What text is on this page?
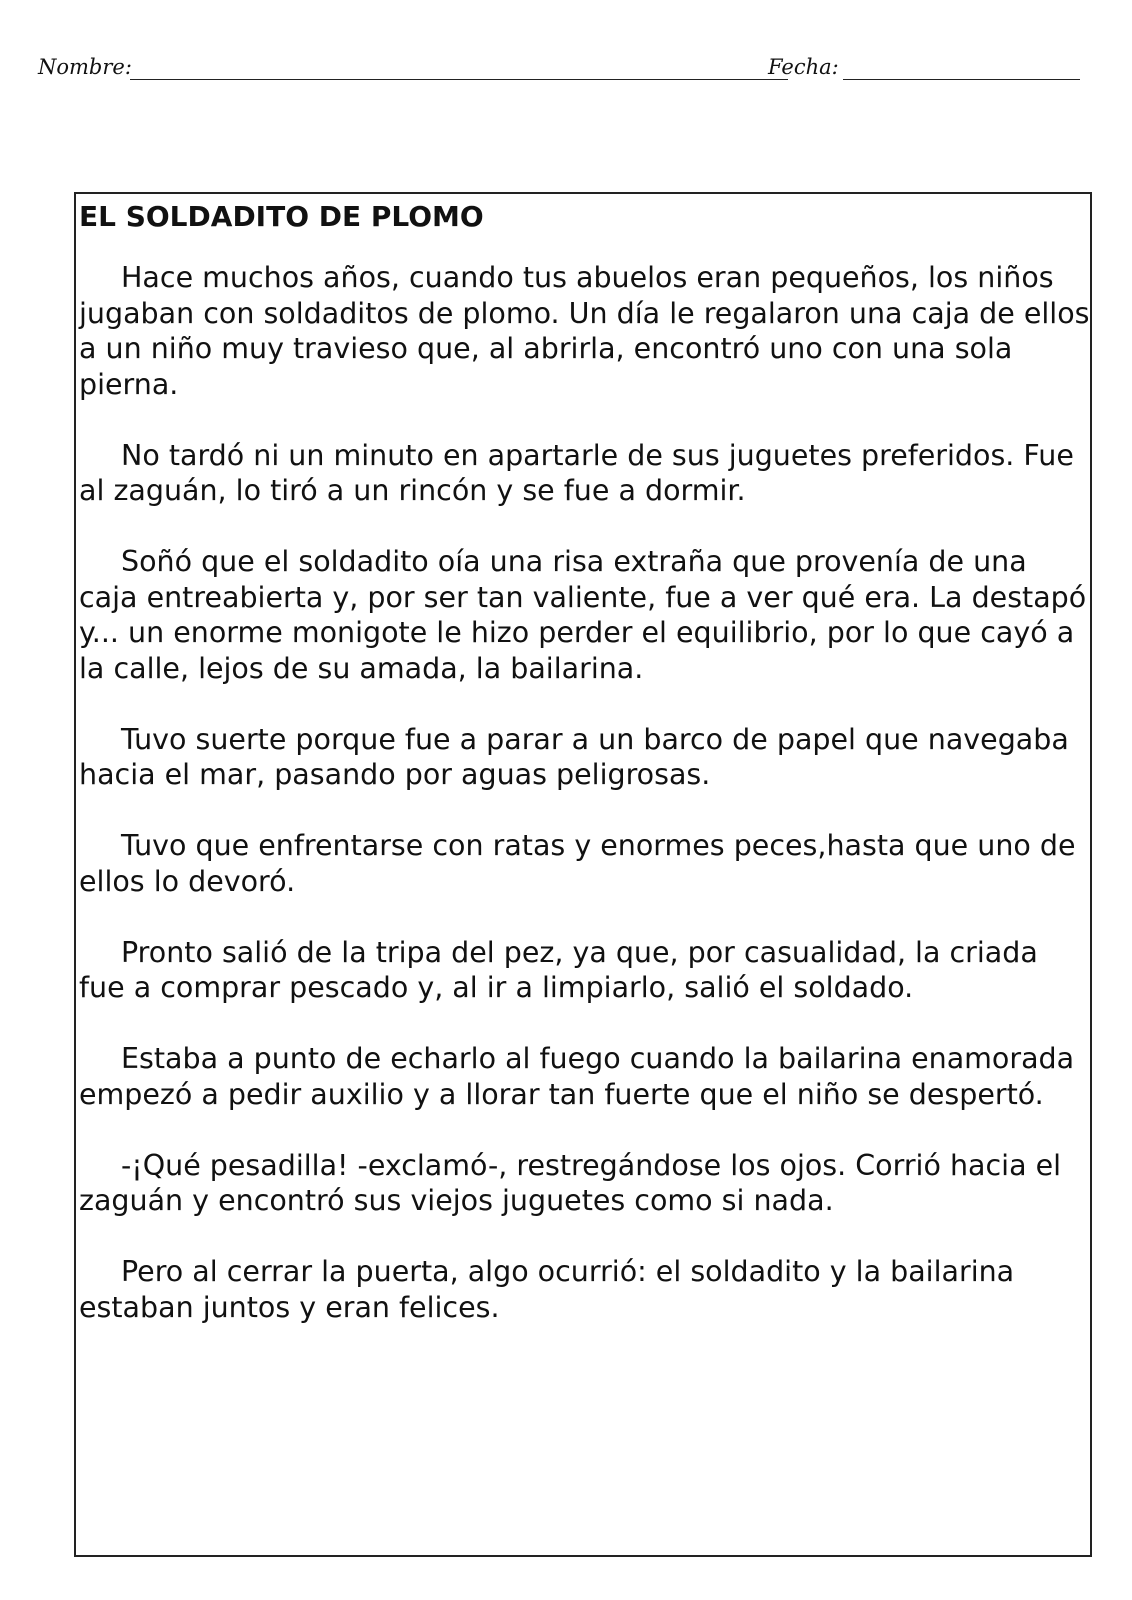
Nombre:	Fecha:
EL SOLDADITO DE PLOMO

Hace muchos años, cuando tus abuelos eran pequeños, los niños jugaban con soldaditos de plomo. Un día le regalaron una caja de ellos a un niño muy travieso que, al abrirla, encontró uno con una sola pierna.

No tardó ni un minuto en apartarle de sus juguetes preferidos. Fue al zaguán, lo tiró a un rincón y se fue a dormir.

Soñó que el soldadito oía una risa extraña que provenía de una caja entreabierta y, por ser tan valiente, fue a ver qué era. La destapó y... un enorme monigote le hizo perder el equilibrio, por lo que cayó a la calle, lejos de su amada, la bailarina.

Tuvo suerte porque fue a parar a un barco de papel que navegaba hacia el mar, pasando por aguas peligrosas.

Tuvo que enfrentarse con ratas y enormes peces,hasta que uno de ellos lo devoró.

Pronto salió de la tripa del pez, ya que, por casualidad, la criada fue a comprar pescado y, al ir a limpiarlo, salió el soldado.

Estaba a punto de echarlo al fuego cuando la bailarina enamorada empezó a pedir auxilio y a llorar tan fuerte que el niño se despertó.

-¡Qué pesadilla! -exclamó-, restregándose los ojos. Corrió hacia el zaguán y encontró sus viejos juguetes como si nada.

Pero al cerrar la puerta, algo ocurrió: el soldadito y la bailarina estaban juntos y eran felices.
